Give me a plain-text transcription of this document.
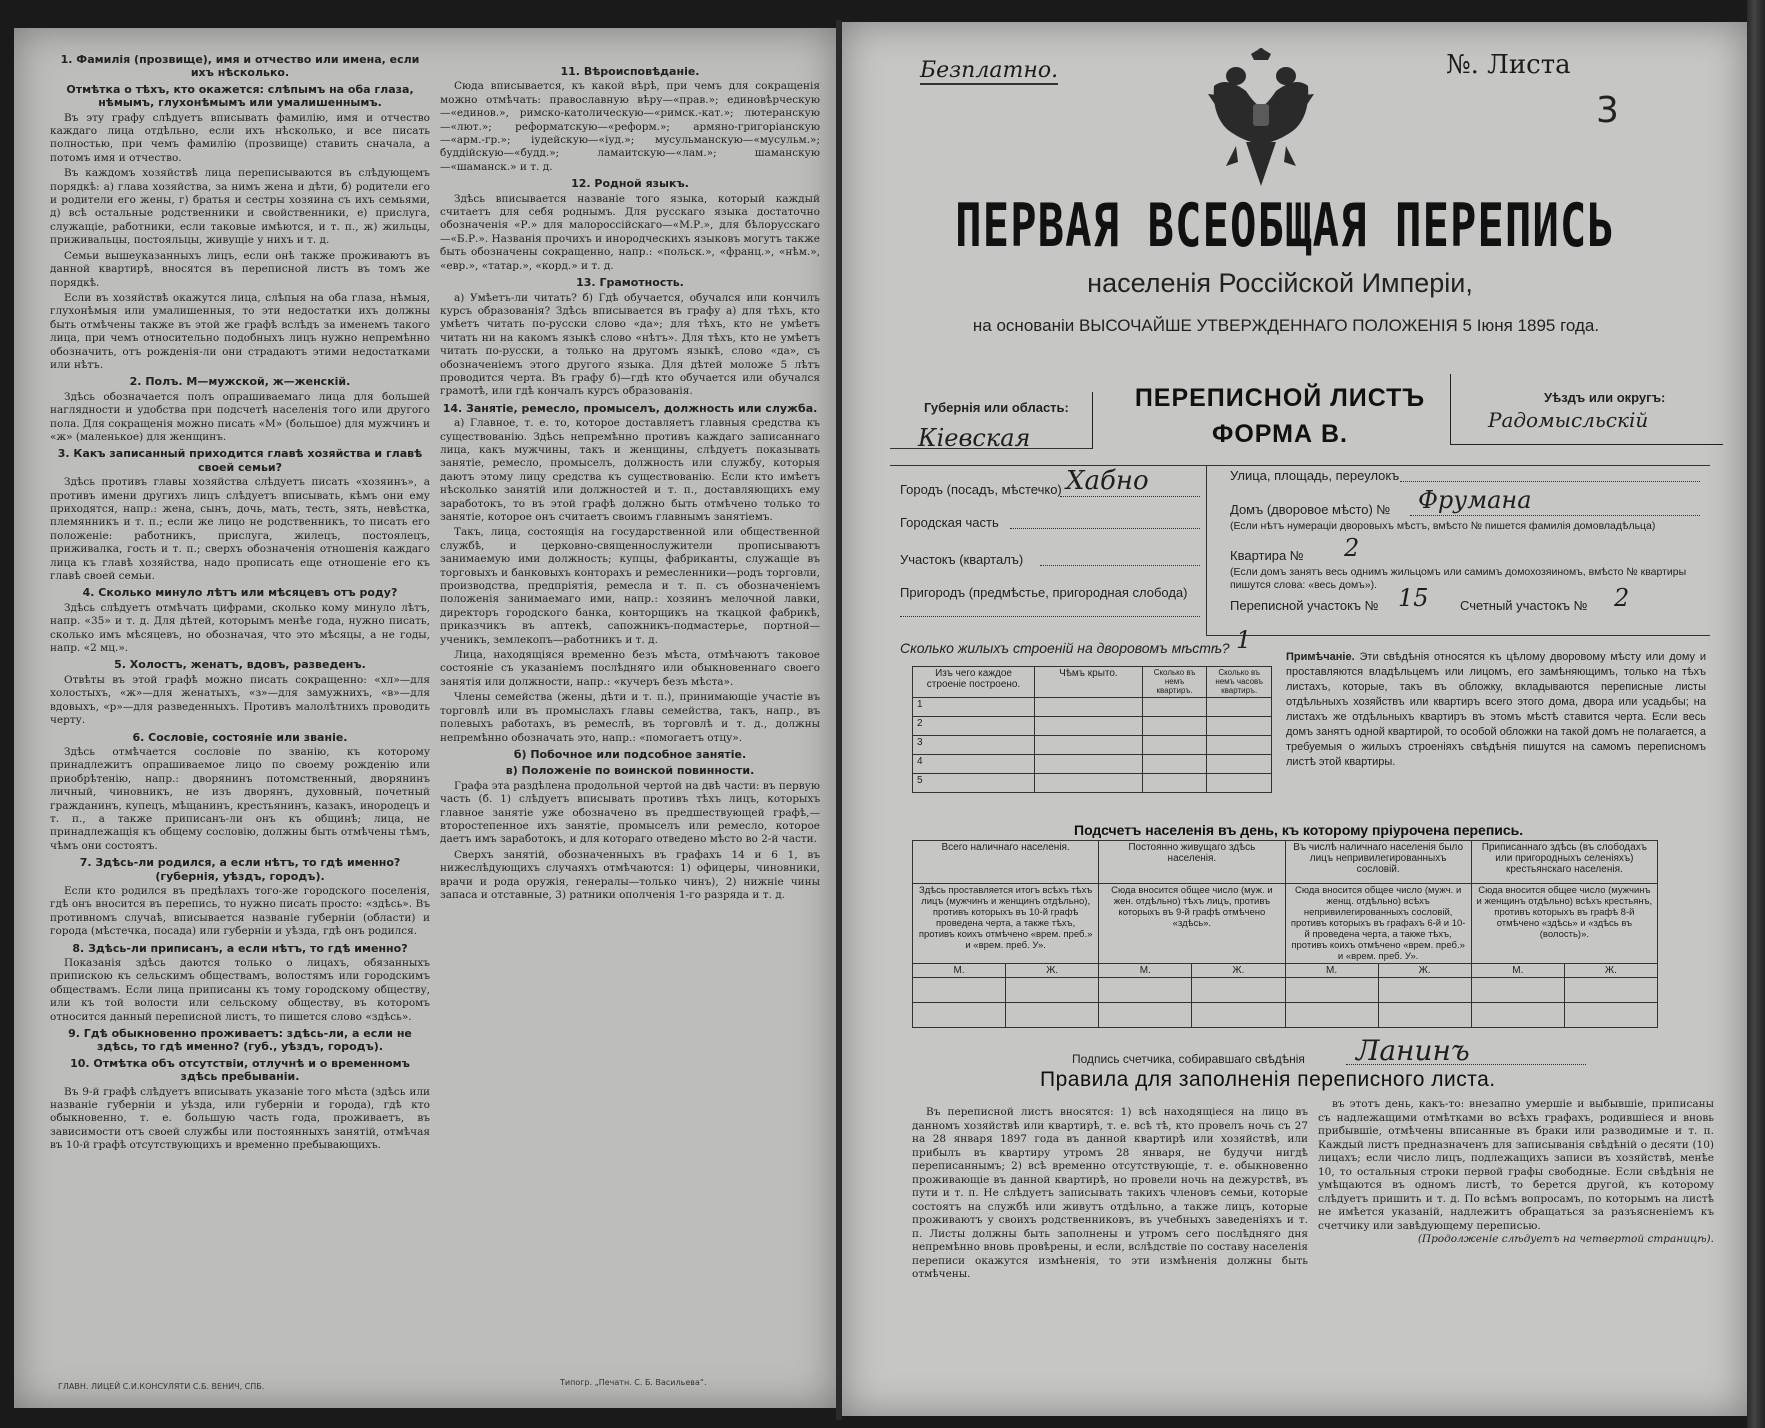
1. Фамилія (прозвище), имя и отчество или имена, если ихъ нѣсколько.
Отмѣтка о тѣхъ, кто окажется: слѣпымъ на оба глаза, нѣмымъ, глухонѣмымъ или умалишеннымъ.

Въ эту графу слѣдуетъ вписывать фамилію, имя и отчество каждаго лица отдѣльно, если ихъ нѣсколько, и все писать полностью, при чемъ фамилію (прозвище) ставить сначала, а потомъ имя и отчество.

Въ каждомъ хозяйствѣ лица переписываются въ слѣдующемъ порядкѣ: а) глава хозяйства, за нимъ жена и дѣти, б) родители его и родители его жены, г) братья и сестры хозяина съ ихъ семьями, д) всѣ остальные родственники и свойственники, е) прислуга, служащіе, работники, если таковые имѣются, и т. п., ж) жильцы, приживальцы, постояльцы, живущіе у нихъ и т. д.

Семьи вышеуказанныхъ лицъ, если онѣ также проживаютъ въ данной квартирѣ, вносятся въ переписной листъ въ томъ же порядкѣ.

Если въ хозяйствѣ окажутся лица, слѣпыя на оба глаза, нѣмыя, глухонѣмыя или умалишенныя, то эти недостатки ихъ должны быть отмѣчены также въ этой же графѣ вслѣдъ за именемъ такого лица, при чемъ относительно подобныхъ лицъ нужно непремѣнно обозначить, отъ рожденія-ли они страдаютъ этими недостатками или нѣтъ.

2. Полъ. М—мужской, ж—женскій.

Здѣсь обозначается полъ опрашиваемаго лица для большей наглядности и удобства при подсчетѣ населенія того или другого пола. Для сокращенія можно писать «М» (большое) для мужчинъ и «ж» (маленькое) для женщинъ.

3. Какъ записанный приходится главѣ хозяйства и главѣ своей семьи?

Здѣсь противъ главы хозяйства слѣдуетъ писать «хозяинъ», а противъ имени другихъ лицъ слѣдуетъ вписывать, кѣмъ они ему приходятся, напр.: жена, сынъ, дочь, мать, тесть, зять, невѣстка, племянникъ и т. п.; если же лицо не родственникъ, то писать его положеніе: работникъ, прислуга, жилецъ, постоялецъ, приживалка, гость и т. п.; сверхъ обозначенія отношенія каждаго лица къ главѣ хозяйства, надо прописать еще отношеніе его къ главѣ своей семьи.

4. Сколько минуло лѣтъ или мѣсяцевъ отъ роду?

Здѣсь слѣдуетъ отмѣчать цифрами, сколько кому минуло лѣтъ, напр. «35» и т. д. Для дѣтей, которымъ менѣе года, нужно писать, сколько имъ мѣсяцевъ, но обозначая, что это мѣсяцы, а не годы, напр. «2 мц.».

5. Холостъ, женатъ, вдовъ, разведенъ.

Отвѣты въ этой графѣ можно писать сокращенно: «хл»—для холостыхъ, «ж»—для женатыхъ, «з»—для замужнихъ, «в»—для вдовыхъ, «р»—для разведенныхъ. Противъ малолѣтнихъ проводить черту.

6. Сословіе, состояніе или званіе.

Здѣсь отмѣчается сословіе по званію, къ которому принадлежитъ опрашиваемое лицо по своему рожденію или приобрѣтенію, напр.: дворянинъ потомственный, дворянинъ личный, чиновникъ, не изъ дворянъ, духовный, почетный гражданинъ, купецъ, мѣщанинъ, крестьянинъ, казакъ, инородецъ и т. п., а также приписанъ-ли онъ къ общинѣ; лица, не принадлежащія къ общему сословію, должны быть отмѣчены тѣмъ, чѣмъ они состоятъ.

7. Здѣсь-ли родился, а если нѣтъ, то гдѣ именно? (губернія, уѣздъ, городъ).

Если кто родился въ предѣлахъ того-же городского поселенія, гдѣ онъ вносится въ перепись, то нужно писать просто: «здѣсь». Въ противномъ случаѣ, вписывается названіе губерніи (области) и города (мѣстечка, посада) или губерніи и уѣзда, гдѣ онъ родился.

8. Здѣсь-ли приписанъ, а если нѣтъ, то гдѣ именно?

Показанія здѣсь даются только о лицахъ, обязанныхъ припискою къ сельскимъ обществамъ, волостямъ или городскимъ обществамъ. Если лица приписаны къ тому городскому обществу, или къ той волости или сельскому обществу, въ которомъ относится данный переписной листъ, то пишется слово «здѣсь».

9. Гдѣ обыкновенно проживаетъ: здѣсь-ли, а если не здѣсь, то гдѣ именно? (губ., уѣздъ, городъ).
10. Отмѣтка объ отсутствіи, отлучнѣ и о временномъ здѣсь пребываніи.

Въ 9-й графѣ слѣдуетъ вписывать указаніе того мѣста (здѣсь или названіе губерніи и уѣзда, или губерніи и города), гдѣ кто обыкновенно, т. е. большую часть года, проживаетъ, въ зависимости отъ своей службы или постоянныхъ занятій, отмѣчая въ 10-й графѣ отсутствующихъ и временно пребывающихъ.

11. Вѣроисповѣданіе.

Сюда вписывается, къ какой вѣрѣ, при чемъ для сокращенія можно отмѣчать: православную вѣру—«прав.»; единовѣрческую—«единов.», римско-католическую—«римск.-кат.»; лютеранскую—«лют.»; реформатскую—«реформ.»; армяно-григоріанскую—«арм.-гр.»; іудейскую—«іуд.»; мусульманскую—«мусульм.»; буддійскую—«будд.»; ламаитскую—«лам.»; шаманскую—«шаманск.» и т. д.

12. Родной языкъ.

Здѣсь вписывается названіе того языка, который каждый считаетъ для себя роднымъ. Для русскаго языка достаточно обозначенія «Р.» для малороссійскаго—«М.Р.», для бѣлорусскаго—«Б.Р.». Названія прочихъ и инородческихъ языковъ могутъ также быть обозначены сокращенно, напр.: «польск.», «франц.», «нѣм.», «евр.», «татар.», «корд.» и т. д.

13. Грамотность.

а) Умѣетъ-ли читать? б) Гдѣ обучается, обучался или кончилъ курсъ образованія? Здѣсь вписывается въ графу а) для тѣхъ, кто умѣетъ читать по-русски слово «да»; для тѣхъ, кто не умѣетъ читать ни на какомъ языкѣ слово «нѣтъ». Для тѣхъ, кто не умѣетъ читать по-русски, а только на другомъ языкѣ, слово «да», съ обозначеніемъ этого другого языка. Для дѣтей моложе 5 лѣтъ проводится черта. Въ графу б)—гдѣ кто обучается или обучался грамотѣ, или гдѣ кончалъ курсъ образованія.

14. Занятіе, ремесло, промыселъ, должность или служба.

а) Главное, т. е. то, которое доставляетъ главныя средства къ существованію. Здѣсь непремѣнно противъ каждаго записаннаго лица, какъ мужчины, такъ и женщины, слѣдуетъ показывать занятіе, ремесло, промыселъ, должность или службу, которыя даютъ этому лицу средства къ существованію. Если кто имѣетъ нѣсколько занятій или должностей и т. п., доставляющихъ ему заработокъ, то въ этой графѣ должно быть отмѣчено только то занятіе, которое онъ считаетъ своимъ главнымъ занятіемъ.

Такъ, лица, состоящія на государственной или общественной службѣ, и церковно-священнослужители прописываютъ занимаемую ими должность; купцы, фабриканты, служащіе въ торговыхъ и банковыхъ конторахъ и ремесленники—родъ торговли, производства, предпріятія, ремесла и т. п. съ обозначеніемъ положенія занимаемаго ими, напр.: хозяинъ мелочной лавки, директоръ городского банка, конторщикъ на ткацкой фабрикѣ, приказчикъ въ аптекѣ, сапожникъ-подмастерье, портной—ученикъ, землекопъ—работникъ и т. д.

Лица, находящіяся временно безъ мѣста, отмѣчаютъ таковое состояніе съ указаніемъ послѣдняго или обыкновеннаго своего занятія или должности, напр.: «кучеръ безъ мѣста».

Члены семейства (жены, дѣти и т. п.), принимающіе участіе въ торговлѣ или въ промыслахъ главы семейства, такъ, напр., въ полевыхъ работахъ, въ ремеслѣ, въ торговлѣ и т. д., должны непремѣнно обозначать это, напр.: «помогаетъ отцу».

б) Побочное или подсобное занятіе.
в) Положеніе по воинской повинности.

Графа эта раздѣлена продольной чертой на двѣ части: въ первую часть (б. 1) слѣдуетъ вписывать противъ тѣхъ лицъ, которыхъ главное занятіе уже обозначено въ предшествующей графѣ,—второстепенное ихъ занятіе, промыселъ или ремесло, которое даетъ имъ заработокъ, и для котораго отведено мѣсто во 2-й части.

Сверхъ занятій, обозначенныхъ въ графахъ 14 и 6 1, въ нижеслѣдующихъ случаяхъ отмѣчаются: 1) офицеры, чиновники, врачи и рода оружія, генералы—только чинъ), 2) нижніе чины запаса и отставные, 3) ратники ополченія 1-го разряда и т. д.

ГЛАВН. ЛИЦЕЙ С.И.КОНСУЛЯТИ С.Б. ВЕНИЧ, СПБ.	Типогр. „Печатн. С. Б. Васильева“.
Безплатно.	№. Листа
3
ПЕРВАЯ ВСЕОБЩАЯ ПЕРЕПИСЬ
населенія Россійской Имперіи,
на основаніи ВЫСОЧАЙШЕ УТВЕРЖДЕННАГО ПОЛОЖЕНІЯ 5 Іюня 1895 года.
Губернія или область:
Кіевская
ПЕРЕПИСНОЙ ЛИСТЪ
ФОРМА В.
Уѣздъ или округъ:
Радомысльскій
Городъ (посадъ, мѣстечко) Хабно
Городская часть
Участокъ (кварталъ)
Пригородъ (предмѣстье, пригородная слобода)
Улица, площадь, переулокъ
Домъ (дворовое мѣсто) № Фрумана
(Если нѣтъ нумераціи дворовыхъ мѣстъ, вмѣсто № пишется фамилія домовладѣльца)
Квартира № 2
(Если домъ занятъ весь однимъ жильцомъ или самимъ домохозяиномъ, вмѣсто № квартиры пишутся слова: «весь домъ»).
Переписной участокъ № 15 Счетный участокъ № 2
Сколько жилыхъ строеній на дворовомъ мѣстѣ? 1
Изъ чего каждое строеніе построено.	Чѣмъ крыто.	Сколько въ немъ квартиръ.	Сколько въ немъ часовъ квартиръ.
1			
2			
3			
4			
5			
Примѣчаніе. Эти свѣдѣнія относятся къ цѣлому дворовому мѣсту или дому и проставляются владѣльцемъ или лицомъ, его замѣняющимъ, только на тѣхъ листахъ, которые, такъ въ обложку, вкладываются переписные листы отдѣльныхъ хозяйствъ или квартиръ всего этого дома, двора или усадьбы; на листахъ же отдѣльныхъ квартиръ въ этомъ мѣстѣ ставится черта. Если весь домъ занятъ одной квартирой, то особой обложки на такой домъ не полагается, а требуемыя о жилыхъ строеніяхъ свѣдѣнія пишутся на самомъ переписномъ листѣ этой квартиры.
Подсчетъ населенія въ день, къ которому пріурочена перепись.
Всего наличнаго населенія.		Постоянно живущаго здѣсь населенія.		Въ числѣ наличнаго населенія было лицъ непривилегированныхъ сословій.		Приписаннаго здѣсь (въ слободахъ или пригородныхъ селеніяхъ) крестьянскаго населенія.	
Здѣсь проставляется итогъ всѣхъ тѣхъ лицъ (мужчинъ и женщинъ отдѣльно), противъ которыхъ въ 10-й графѣ проведена черта, а также тѣхъ, противъ коихъ отмѣчено «врем. преб.» и «врем. преб. У».		Сюда вносится общее число (муж. и жен. отдѣльно) тѣхъ лицъ, противъ которыхъ въ 9-й графѣ отмѣчено «здѣсь».		Сюда вносится общее число (мужч. и женщ. отдѣльно) всѣхъ непривилегированныхъ сословій, противъ которыхъ въ графахъ 6-й и 10-й проведена черта, а также тѣхъ, противъ коихъ отмѣчено «врем. преб.» и «врем. преб. У».		Сюда вносится общее число (мужчинъ и женщинъ отдѣльно) всѣхъ крестьянъ, противъ которыхъ въ графѣ 8-й отмѣчено «здѣсь» и «здѣсь въ (волость)».	
М.	Ж.	М.	Ж.	М.	Ж.	М.	Ж.

Подпись счетчика, собиравшаго свѣдѣнія Ланинъ
Правила для заполненія переписного листа.

Въ переписной листъ вносятся: 1) всѣ находящіеся на лицо въ данномъ хозяйствѣ или квартирѣ, т. е. всѣ тѣ, кто провелъ ночь съ 27 на 28 января 1897 года въ данной квартирѣ или хозяйствѣ, или прибылъ въ квартиру утромъ 28 января, не будучи нигдѣ переписаннымъ; 2) всѣ временно отсутствующіе, т. е. обыкновенно проживающіе въ данной квартирѣ, но провели ночь на дежурствѣ, въ пути и т. п. Не слѣдуетъ записывать такихъ членовъ семьи, которые состоятъ на службѣ или живутъ отдѣльно, а также лицъ, которые проживаютъ у своихъ родственниковъ, въ учебныхъ заведеніяхъ и т. п. Листы должны быть заполнены и утромъ сего послѣдняго дня непремѣнно вновь провѣрены, и если, вслѣдствіе по составу населенія переписи окажутся измѣненія, то эти измѣненія должны быть отмѣчены.

въ этотъ день, какъ-то: внезапно умершіе и выбывшіе, приписаны съ надлежащими отмѣтками во всѣхъ графахъ, родившіеся и вновь прибывшіе, отмѣчены вписанные въ браки или разводимые и т. п. Каждый листъ предназначенъ для записыванія свѣдѣній о десяти (10) лицахъ; если число лицъ, подлежащихъ записи въ хозяйствѣ, менѣе 10, то остальныя строки первой графы свободные. Если свѣдѣнія не умѣщаются въ одномъ листѣ, то берется другой, къ которому слѣдуетъ пришить и т. д. По всѣмъ вопросамъ, по которымъ на листѣ не имѣется указаній, надлежитъ обращаться за разъясненіемъ къ счетчику или завѣдующему переписью.

(Продолженіе слѣдуетъ на четвертой страницѣ).
